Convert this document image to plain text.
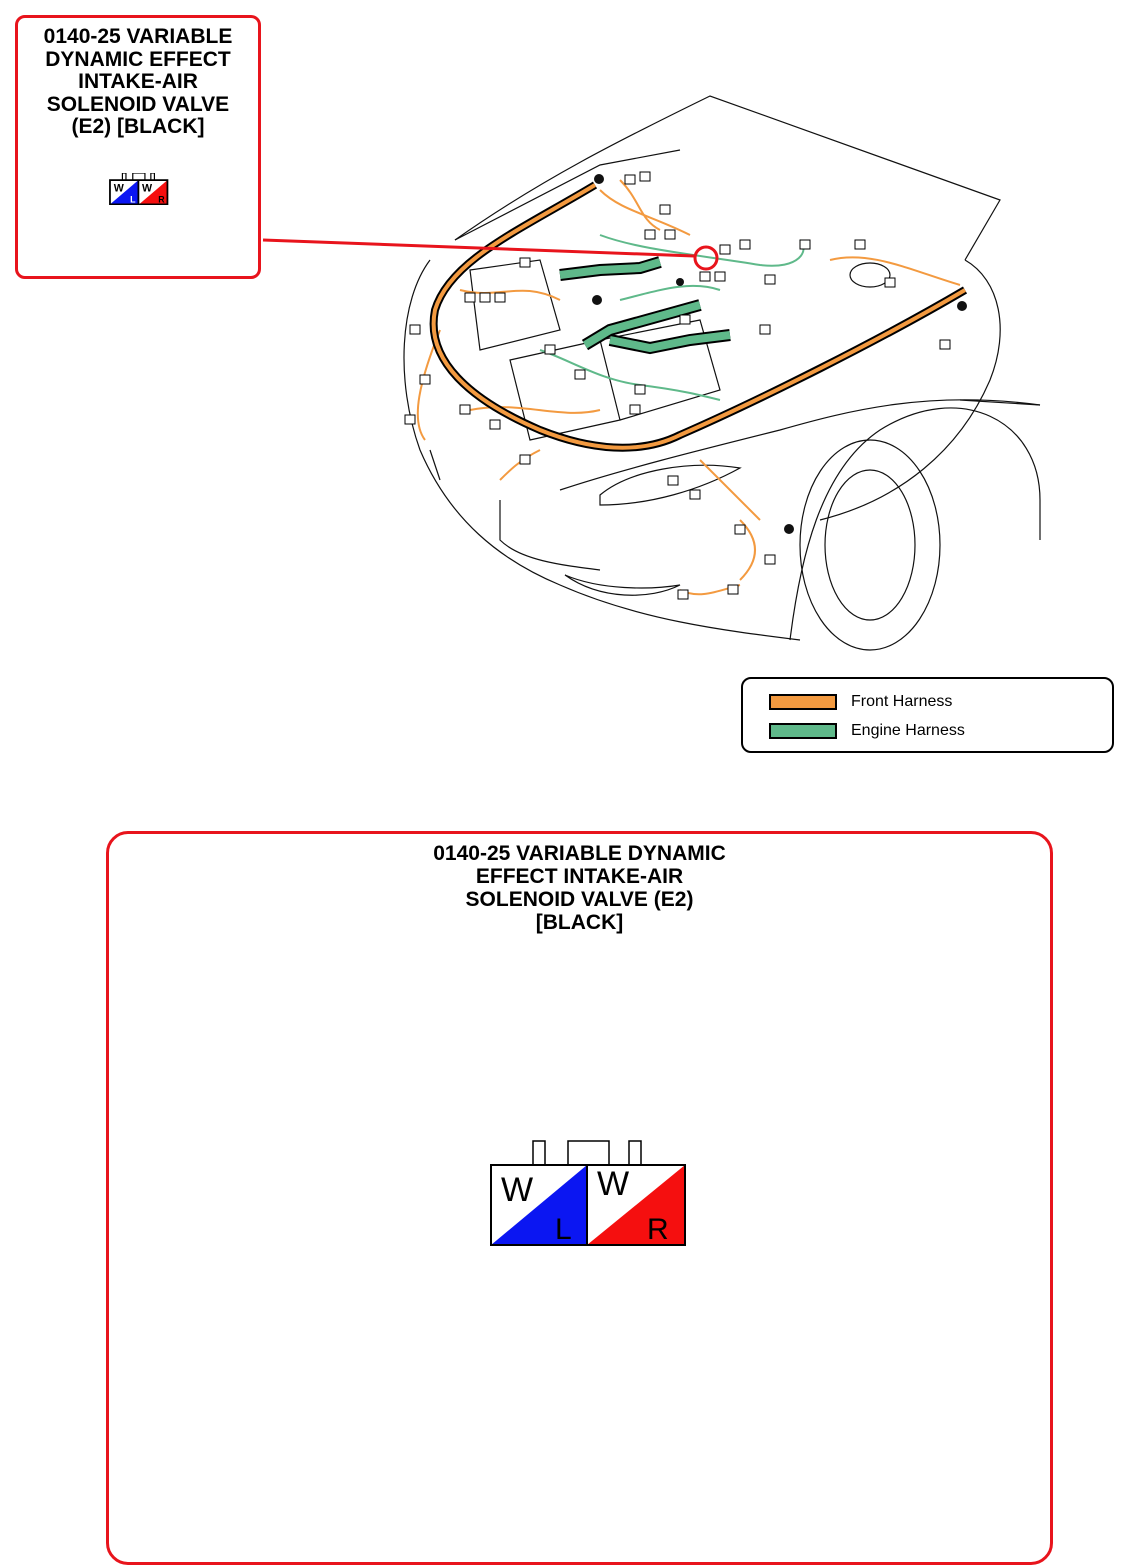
0140-25 VARIABLE
DYNAMIC EFFECT
INTAKE-AIR
SOLENOID VALVE
(E2) [BLACK]
W
L
W
R
Front Harness
Engine Harness
0140-25 VARIABLE DYNAMIC
EFFECT INTAKE-AIR
SOLENOID VALVE (E2)
[BLACK]
W
L
W
R
